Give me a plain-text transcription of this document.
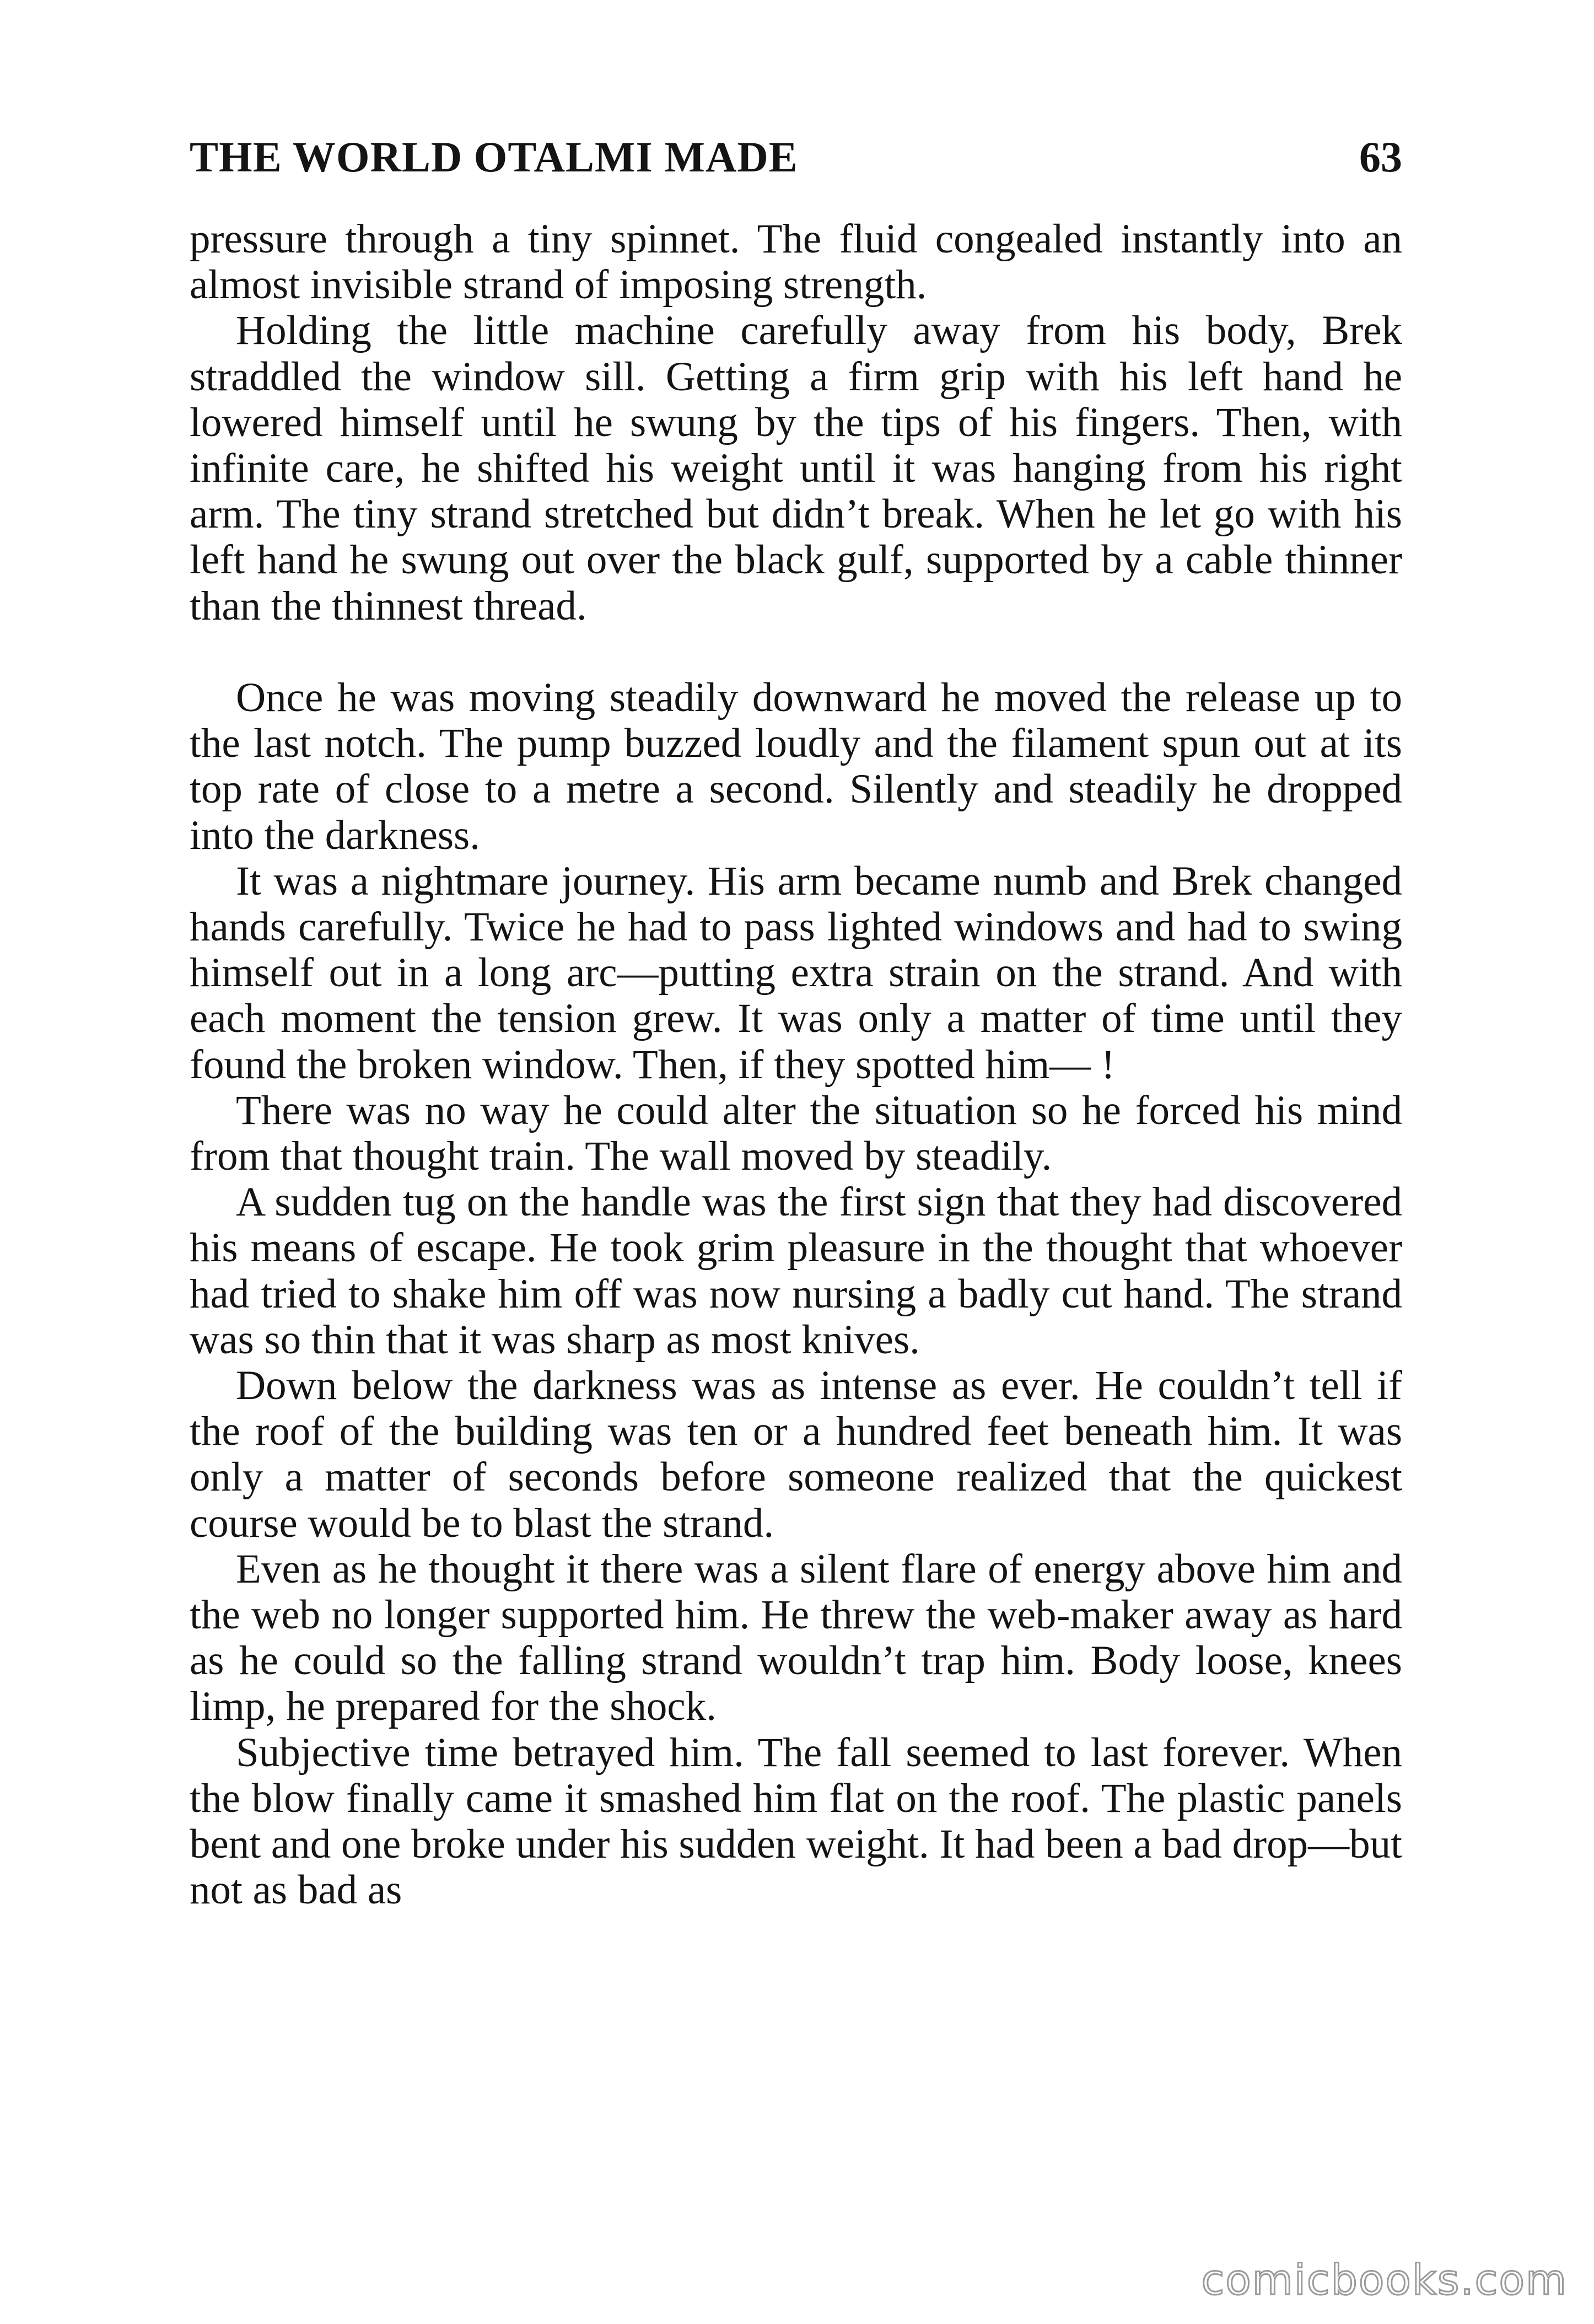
THE WORLD OTALMI MADE	63

pressure through a tiny spinnet. The fluid congealed instantly into an almost invisible strand of imposing strength.

Holding the little machine carefully away from his body, Brek straddled the window sill. Getting a firm grip with his left hand he lowered himself until he swung by the tips of his fingers. Then, with infinite care, he shifted his weight until it was hanging from his right arm. The tiny strand stretched but didn’t break. When he let go with his left hand he swung out over the black gulf, supported by a cable thinner than the thinnest thread.

Once he was moving steadily downward he moved the release up to the last notch. The pump buzzed loudly and the filament spun out at its top rate of close to a metre a second. Silently and steadily he dropped into the darkness.

It was a nightmare journey. His arm became numb and Brek changed hands carefully. Twice he had to pass lighted windows and had to swing himself out in a long arc—putting extra strain on the strand. And with each moment the tension grew. It was only a matter of time until they found the broken window. Then, if they spotted him— !

There was no way he could alter the situation so he forced his mind from that thought train. The wall moved by steadily.

A sudden tug on the handle was the first sign that they had discovered his means of escape. He took grim pleasure in the thought that whoever had tried to shake him off was now nursing a badly cut hand. The strand was so thin that it was sharp as most knives.

Down below the darkness was as intense as ever. He couldn’t tell if the roof of the building was ten or a hundred feet beneath him. It was only a matter of seconds before someone realized that the quickest course would be to blast the strand.

Even as he thought it there was a silent flare of energy above him and the web no longer supported him. He threw the web-maker away as hard as he could so the falling strand wouldn’t trap him. Body loose, knees limp, he prepared for the shock.

Subjective time betrayed him. The fall seemed to last forever. When the blow finally came it smashed him flat on the roof. The plastic panels bent and one broke under his sudden weight. It had been a bad drop—but not as bad as

comicbooks.com
